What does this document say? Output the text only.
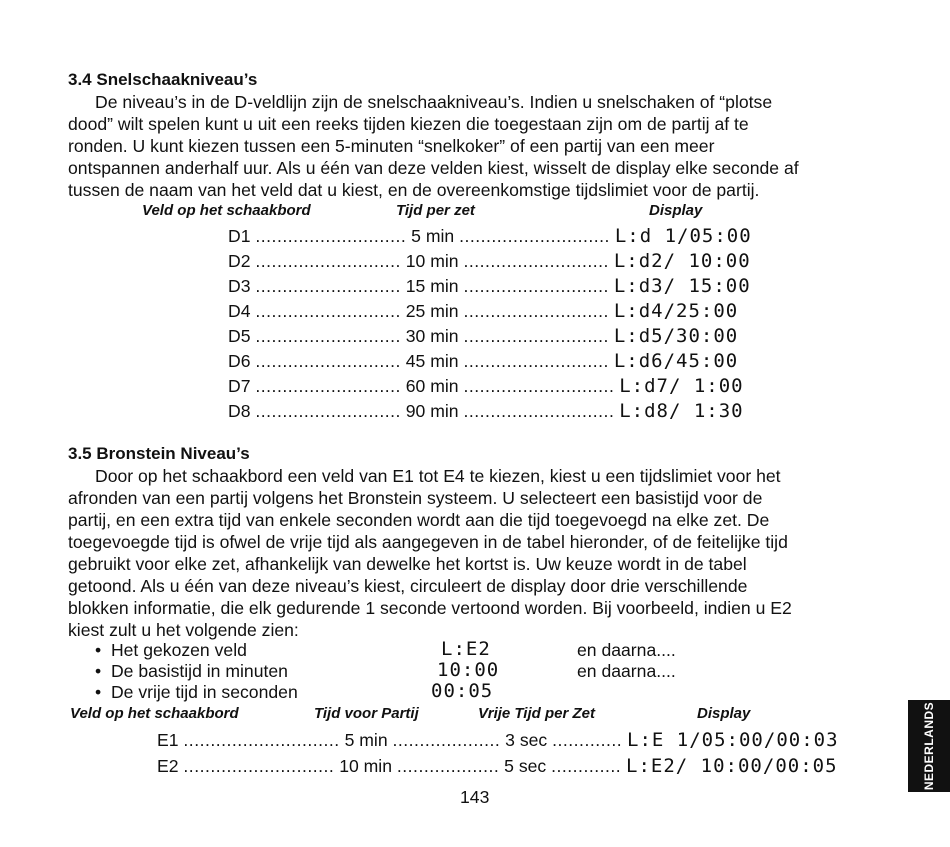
3.4 Snelschaakniveau’s
De niveau’s in de D-veldlijn zijn de snelschaakniveau’s. Indien u snelschaken of “plotse
dood” wilt spelen kunt u uit een reeks tijden kiezen die toegestaan zijn om de partij af te
ronden. U kunt kiezen tussen een 5-minuten “snelkoker” of een partij van een meer
ontspannen anderhalf uur. Als u één van deze velden kiest, wisselt de display elke seconde af
tussen de naam van het veld dat u kiest, en de overeenkomstige tijdslimiet voor de partij.
Veld op het schaakbord	Tijd per zet	Display
D1 ............................ 5 min ............................ L:d 1/05:00
D2 ........................... 10 min ........................... L:d2/ 10:00
D3 ........................... 15 min ........................... L:d3/ 15:00
D4 ........................... 25 min ........................... L:d4/25:00
D5 ........................... 30 min ........................... L:d5/30:00
D6 ........................... 45 min ........................... L:d6/45:00
D7 ........................... 60 min ............................ L:d7/ 1:00
D8 ........................... 90 min ............................ L:d8/ 1:30
3.5 Bronstein Niveau’s
Door op het schaakbord een veld van E1 tot E4 te kiezen, kiest u een tijdslimiet voor het
afronden van een partij volgens het Bronstein systeem. U selecteert een basistijd voor de
partij, en een extra tijd van enkele seconden wordt aan die tijd toegevoegd na elke zet. De
toegevoegde tijd is ofwel de vrije tijd als aangegeven in de tabel hieronder, of de feitelijke tijd
gebruikt voor elke zet, afhankelijk van dewelke het kortst is. Uw keuze wordt in de tabel
getoond. Als u één van deze niveau’s kiest, circuleert de display door drie verschillende
blokken informatie, die elk gedurende 1 seconde vertoond worden. Bij voorbeeld, indien u E2
kiest zult u het volgende zien:
•  Het gekozen veld	L:E2	en daarna....
•  De basistijd in minuten	10:00	en daarna....
•  De vrije tijd in seconden	00:05
Veld op het schaakbord	Tijd voor Partij	Vrije Tijd per Zet	Display
E1 ............................. 5 min .................... 3 sec ............. L:E 1/05:00/00:03
E2 ............................ 10 min ................... 5 sec ............. L:E2/ 10:00/00:05
143
NEDERLANDS
